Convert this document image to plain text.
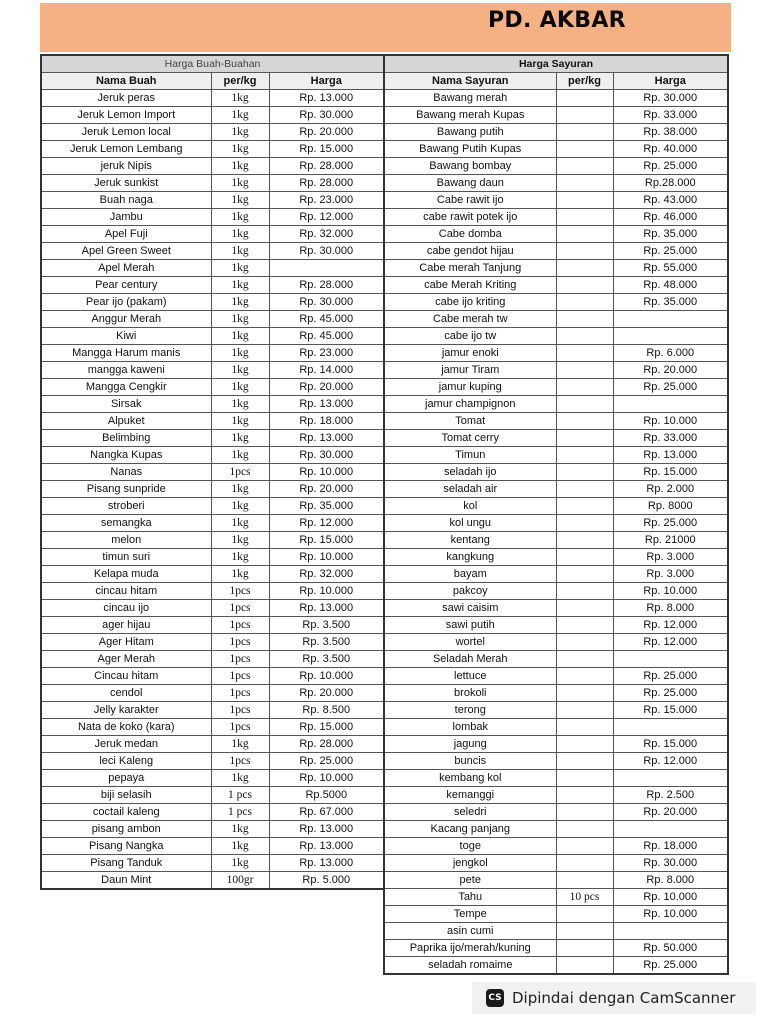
PD. AKBAR
Harga Buah-Buahan		
Nama Buah	per/kg	Harga
Jeruk peras	1kg	Rp. 13.000
Jeruk Lemon Import	1kg	Rp. 30.000
Jeruk Lemon local	1kg	Rp. 20.000
Jeruk Lemon Lembang	1kg	Rp. 15.000
jeruk Nipis	1kg	Rp. 28.000
Jeruk sunkist	1kg	Rp. 28.000
Buah naga	1kg	Rp. 23.000
Jambu	1kg	Rp. 12.000
Apel Fuji	1kg	Rp. 32.000
Apel Green Sweet	1kg	Rp. 30.000
Apel Merah	1kg	
Pear century	1kg	Rp. 28.000
Pear ijo (pakam)	1kg	Rp. 30.000
Anggur Merah	1kg	Rp. 45.000
Kiwi	1kg	Rp. 45.000
Mangga Harum manis	1kg	Rp. 23.000
mangga kaweni	1kg	Rp. 14.000
Mangga Cengkir	1kg	Rp. 20.000
Sirsak	1kg	Rp. 13.000
Alpuket	1kg	Rp. 18.000
Belimbing	1kg	Rp. 13.000
Nangka Kupas	1kg	Rp. 30.000
Nanas	1pcs	Rp. 10.000
Pisang sunpride	1kg	Rp. 20.000
stroberi	1kg	Rp. 35.000
semangka	1kg	Rp. 12.000
melon	1kg	Rp. 15.000
timun suri	1kg	Rp. 10.000
Kelapa muda	1kg	Rp. 32.000
cincau hitam	1pcs	Rp. 10.000
cincau ijo	1pcs	Rp. 13.000
ager hijau	1pcs	Rp. 3.500
Ager Hitam	1pcs	Rp. 3.500
Ager Merah	1pcs	Rp. 3.500
Cincau hitam	1pcs	Rp. 10.000
cendol	1pcs	Rp. 20.000
Jelly karakter	1pcs	Rp. 8.500
Nata de koko (kara)	1pcs	Rp. 15.000
Jeruk medan	1kg	Rp. 28.000
leci Kaleng	1pcs	Rp. 25.000
pepaya	1kg	Rp. 10.000
biji selasih	1 pcs	Rp.5000
coctail kaleng	1 pcs	Rp. 67.000
pisang ambon	1kg	Rp. 13.000
Pisang Nangka	1kg	Rp. 13.000
Pisang Tanduk	1kg	Rp. 13.000
Daun Mint	100gr	Rp. 5.000
Harga Sayuran		
Nama Sayuran	per/kg	Harga
Bawang merah		Rp. 30.000
Bawang merah Kupas		Rp. 33.000
Bawang putih		Rp. 38.000
Bawang Putih Kupas		Rp. 40.000
Bawang bombay		Rp. 25.000
Bawang daun		Rp.28.000
Cabe rawit ijo		Rp. 43.000
cabe rawit potek ijo		Rp. 46.000
Cabe domba		Rp. 35.000
cabe gendot hijau		Rp. 25.000
Cabe merah Tanjung		Rp. 55.000
cabe Merah Kriting		Rp. 48.000
cabe ijo kriting		Rp. 35.000
Cabe merah tw		
cabe ijo tw		
jamur enoki		Rp. 6.000
jamur Tiram		Rp. 20.000
jamur kuping		Rp. 25.000
jamur champignon		
Tomat		Rp. 10.000
Tomat cerry		Rp. 33.000
Timun		Rp. 13.000
seladah ijo		Rp. 15.000
seladah air		Rp. 2.000
kol		Rp. 8000
kol ungu		Rp. 25.000
kentang		Rp. 21000
kangkung		Rp. 3.000
bayam		Rp. 3.000
pakcoy		Rp. 10.000
sawi caisim		Rp. 8.000
sawi putih		Rp. 12.000
wortel		Rp. 12.000
Seladah Merah		
lettuce		Rp. 25.000
brokoli		Rp. 25.000
terong		Rp. 15.000
lombak		
jagung		Rp. 15.000
buncis		Rp. 12.000
kembang kol		
kemanggi		Rp. 2.500
seledri		Rp. 20.000
Kacang panjang		
toge		Rp. 18.000
jengkol		Rp. 30.000
pete		Rp. 8.000
Tahu	10 pcs	Rp. 10.000
Tempe		Rp. 10.000
asin cumi		
Paprika ijo/merah/kuning		Rp. 50.000
seladah romaime		Rp. 25.000
CS Dipindai dengan CamScanner
